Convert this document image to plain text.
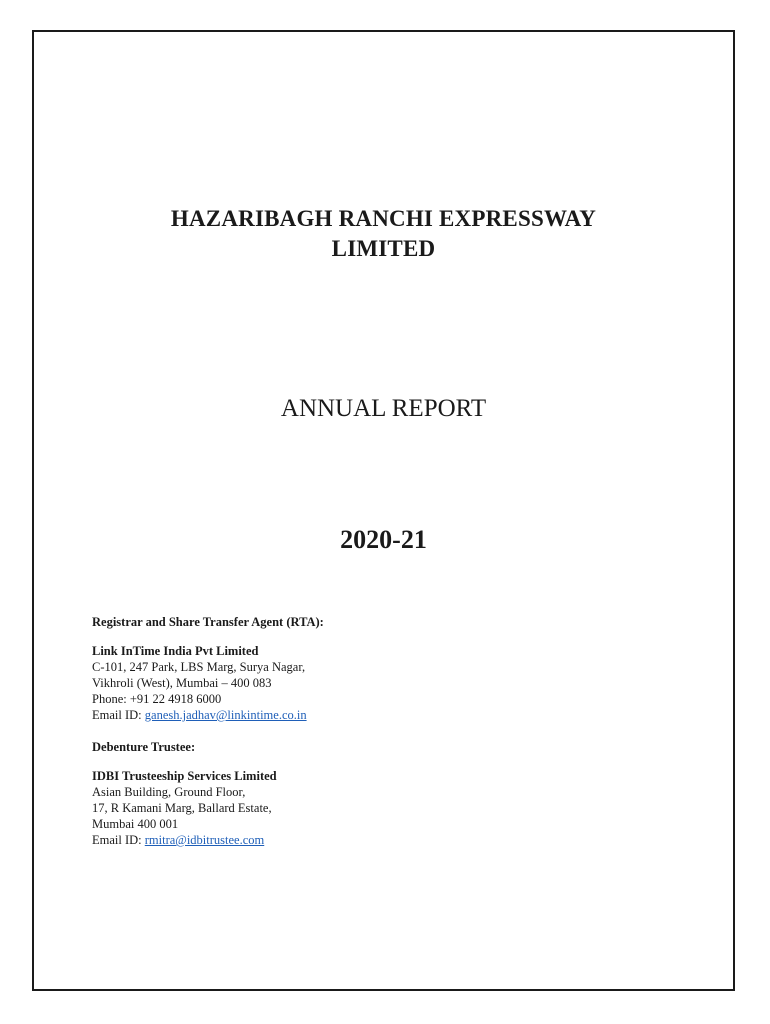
HAZARIBAGH RANCHI EXPRESSWAY
LIMITED
ANNUAL REPORT
2020-21

Registrar and Share Transfer Agent (RTA):

Link InTime India Pvt Limited

C-101, 247 Park, LBS Marg, Surya Nagar,

Vikhroli (West), Mumbai – 400 083

Phone: +91 22 4918 6000

Email ID: ganesh.jadhav@linkintime.co.in

Debenture Trustee:

IDBI Trusteeship Services Limited

Asian Building, Ground Floor,

17, R Kamani Marg, Ballard Estate,

Mumbai 400 001

Email ID: rmitra@idbitrustee.com
